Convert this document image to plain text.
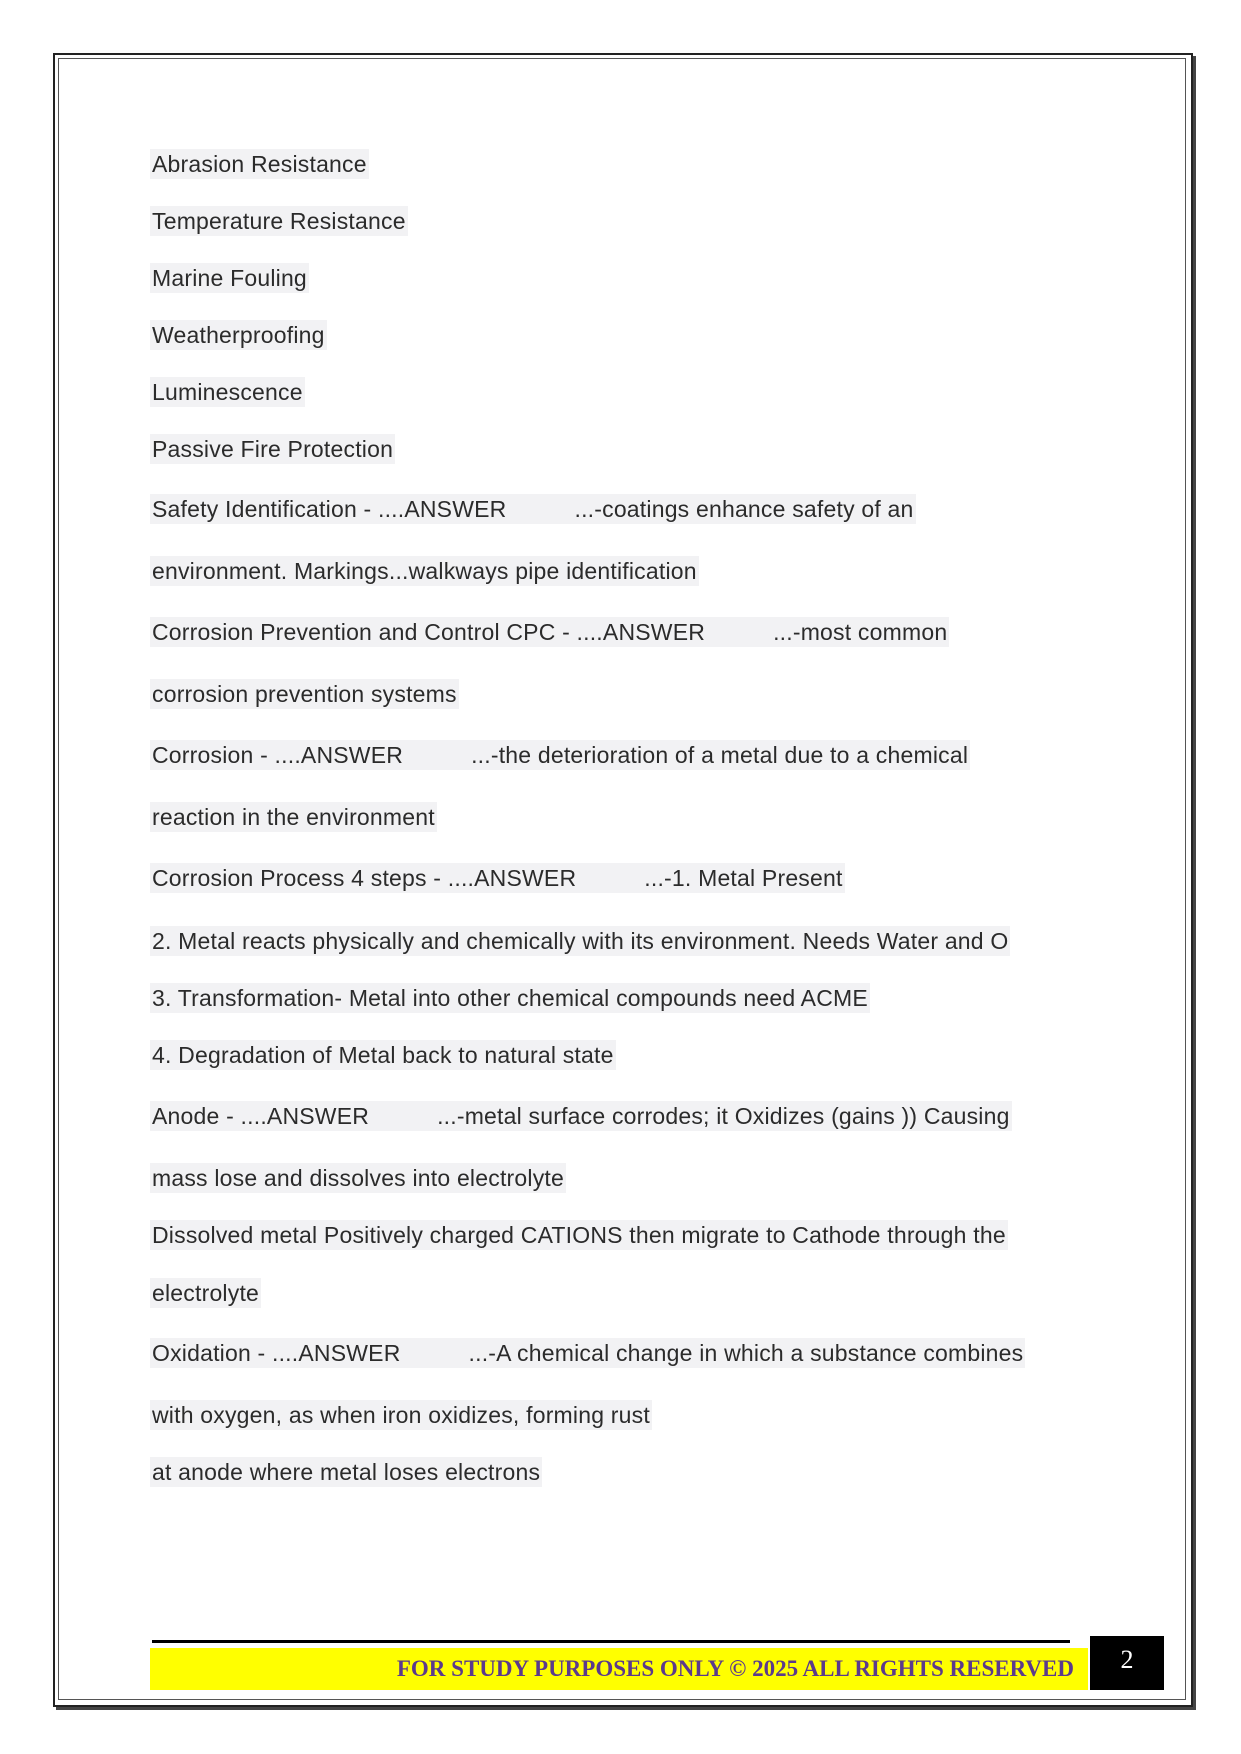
Abrasion Resistance
Temperature Resistance
Marine Fouling
Weatherproofing
Luminescence
Passive Fire Protection
Safety Identification - ....ANSWER	...-coatings enhance safety of an
environment. Markings...walkways pipe identification
Corrosion Prevention and Control CPC - ....ANSWER	...-most common
corrosion prevention systems
Corrosion - ....ANSWER	...-the deterioration of a metal due to a chemical
reaction in the environment
Corrosion Process 4 steps - ....ANSWER	...-1. Metal Present
2. Metal reacts physically and chemically with its environment. Needs Water and O
3. Transformation- Metal into other chemical compounds need ACME
4. Degradation of Metal back to natural state
Anode - ....ANSWER	...-metal surface corrodes; it Oxidizes (gains )) Causing
mass lose and dissolves into electrolyte
Dissolved metal Positively charged CATIONS then migrate to Cathode through the
electrolyte
Oxidation - ....ANSWER	...-A chemical change in which a substance combines
with oxygen, as when iron oxidizes, forming rust
at anode where metal loses electrons
FOR STUDY PURPOSES ONLY © 2025 ALL RIGHTS RESERVED	2
